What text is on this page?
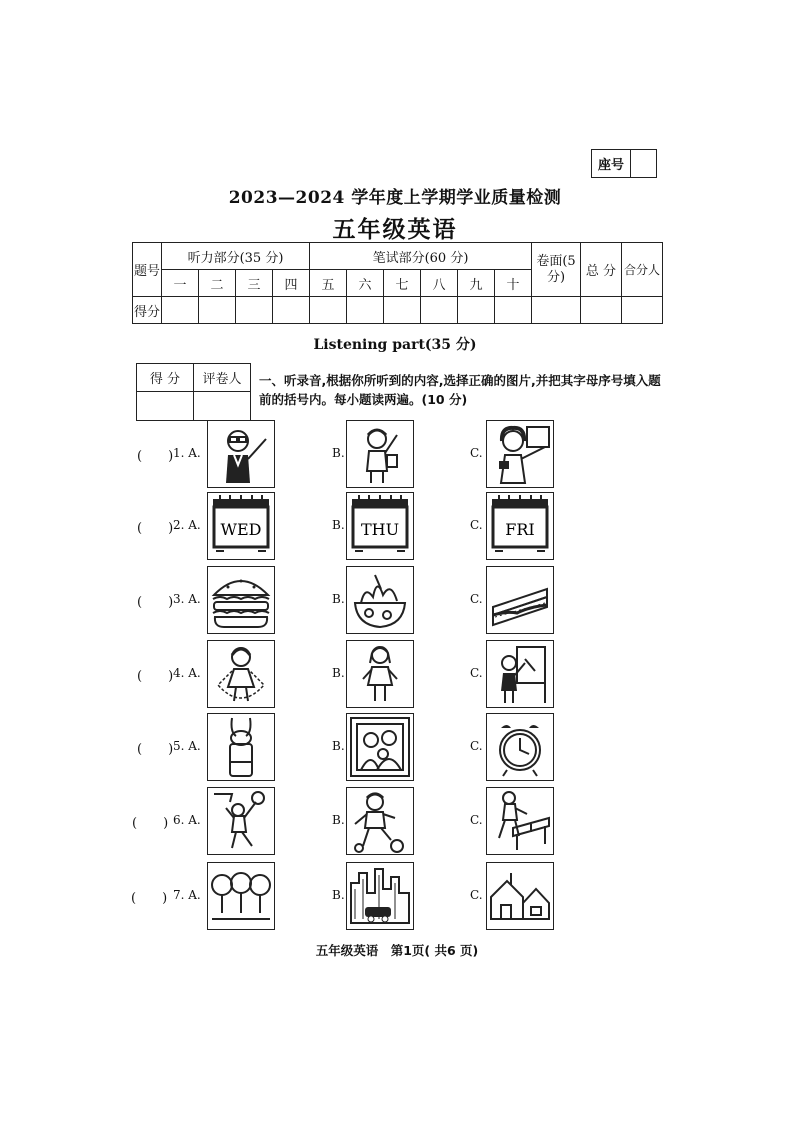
座号
2023—2024 学年度上学期学业质量检测
五年级英语
题号	听力部分(35 分)				笔试部分(60 分)						卷面(5分)	总 分	合分人
	一	二	三	四	五	六	七	八	九	十			
得分													
Listening part(35 分)
得 分	评卷人
	一、听录音,根据你所听到的内容,选择正确的图片,并把其字母序号填入题前的括号内。每小题读两遍。(10 分)
(　　) 1. A.	B.	C.
(　　) 2. A.	B.	C.
WED	THU	FRI
(　　) 3. A.	B.	C.
(　　) 4. A.	B.	C.
(　　) 5. A.	B.	C.
(　　) 6. A.	B.	C.
(　　) 7. A.	B.	C.
五年级英语　第1页( 共6 页)
